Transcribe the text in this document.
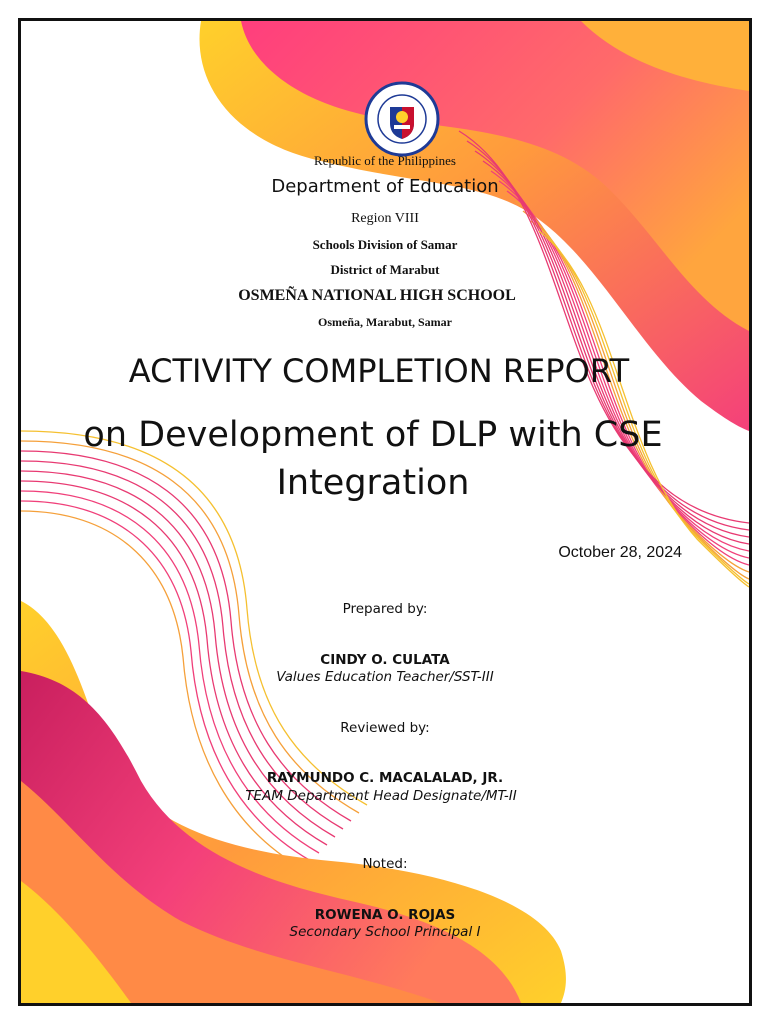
Republic of the Philippines

Department of Education

Region VIII

Schools Division of Samar

District of Marabut

OSMEÑA NATIONAL HIGH SCHOOL

Osmeña, Marabut, Samar

ACTIVITY COMPLETION REPORT

on Development of DLP with CSE Integration

October 28, 2024

Prepared by:

CINDY O. CULATA

Values Education Teacher/SST-III

Reviewed by:

RAYMUNDO C. MACALALAD, JR.

TEAM Department Head Designate/MT-II

Noted:

ROWENA O. ROJAS

Secondary School Principal I
